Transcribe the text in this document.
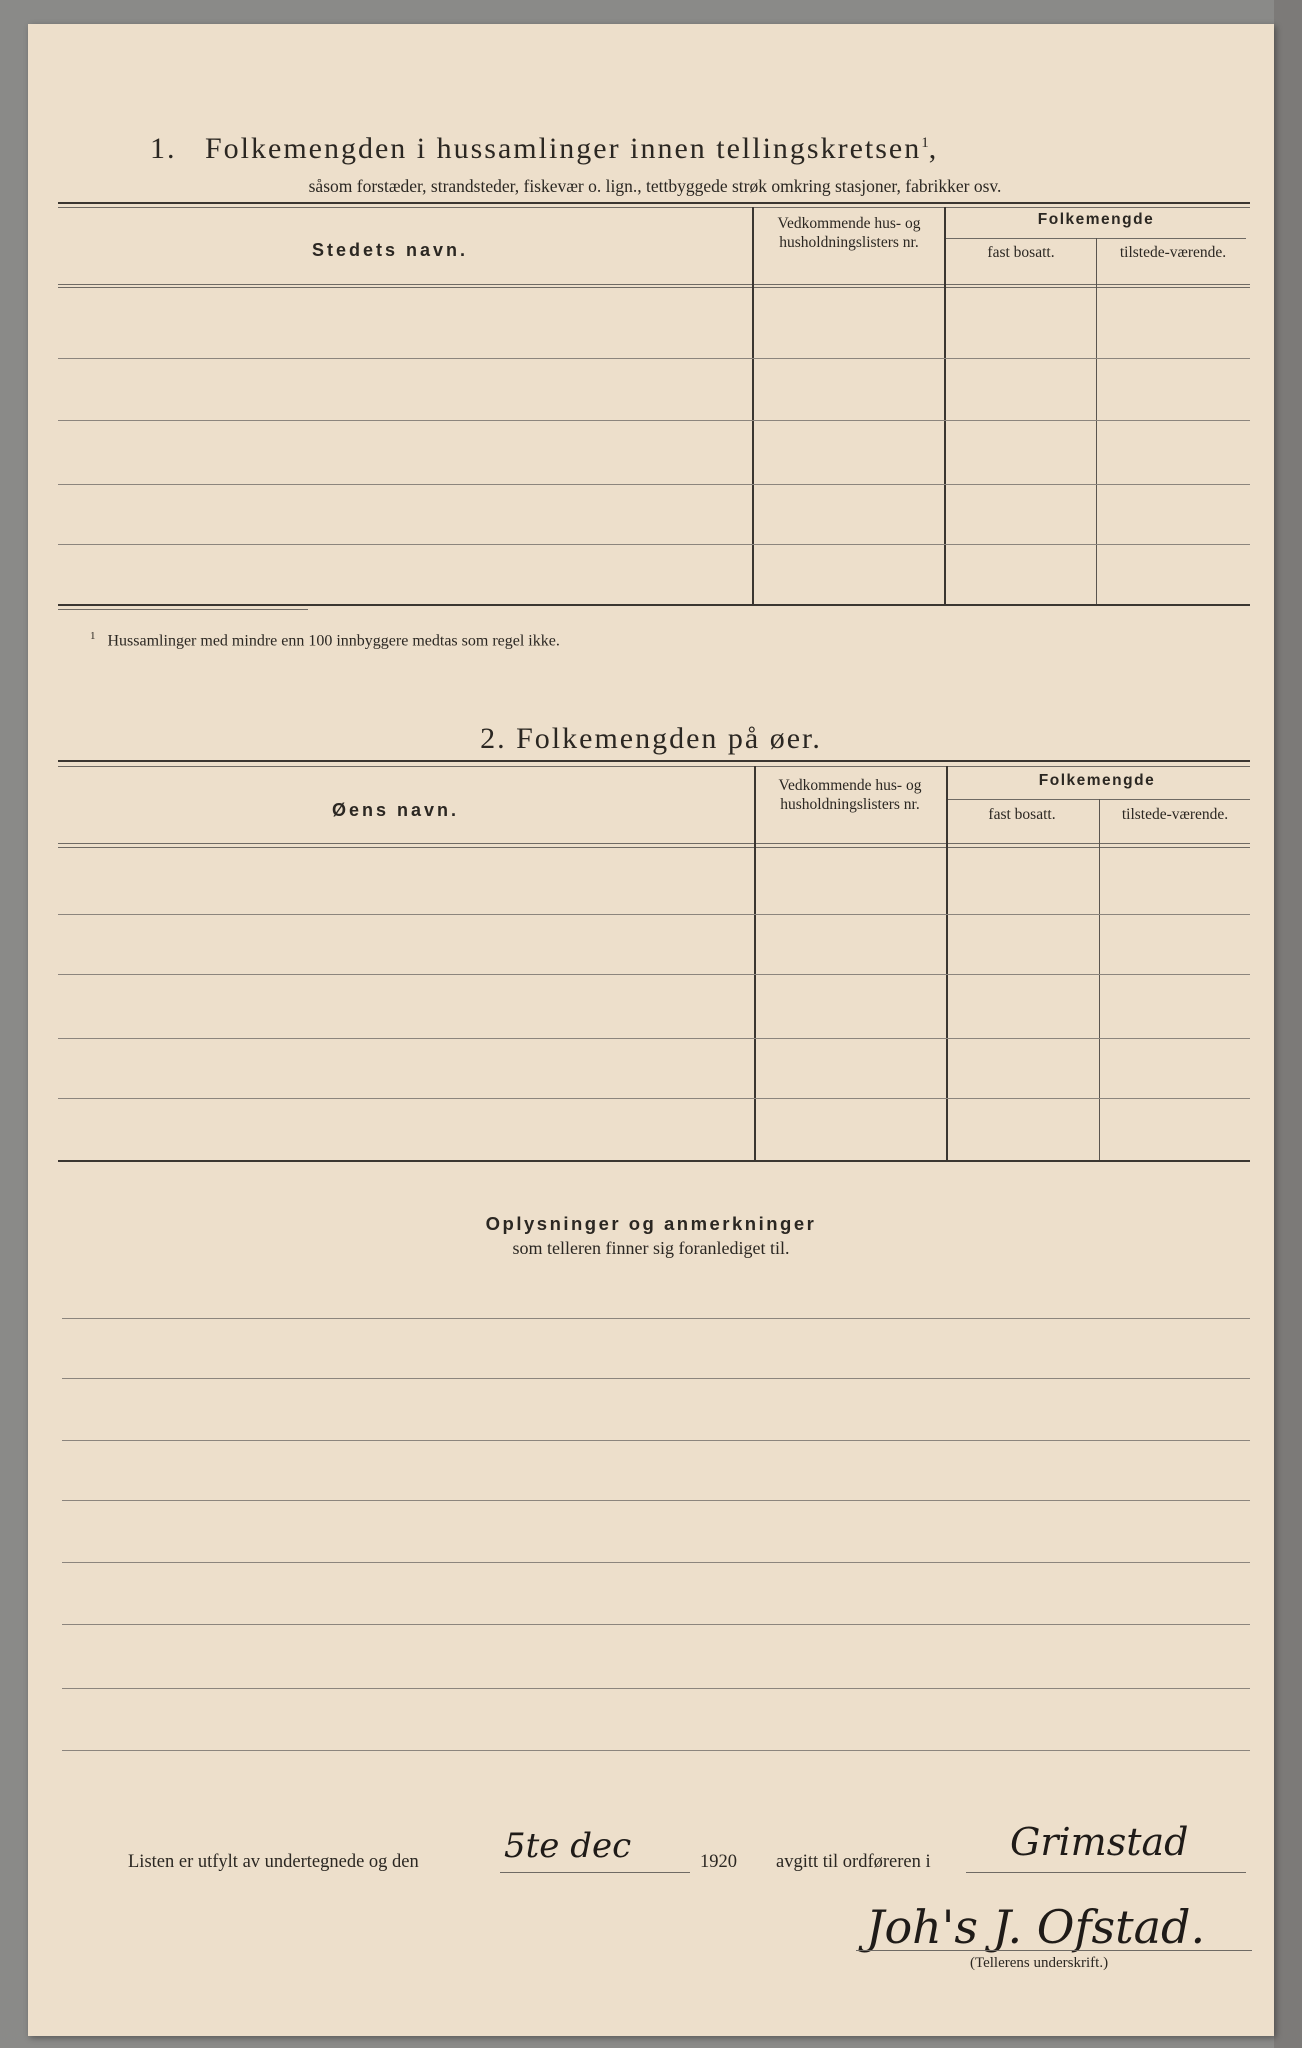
1. Folkemengden i hussamlinger innen tellingskretsen$^1$,
såsom forstæder, strandsteder, fiskevær o. lign., tettbyggede strøk omkring stasjoner, fabrikker osv.
Stedets navn.
Vedkommende hus- og husholdningslisters nr.
Folkemengde
fast bosatt.	tilstede-værende.
$^1$ Hussamlinger med mindre enn 100 innbyggere medtas som regel ikke.
2. Folkemengden på øer.
Øens navn.
Vedkommende hus- og husholdningslisters nr.
Folkemengde
fast bosatt.	tilstede-værende.
Oplysninger og anmerkninger
som telleren finner sig foranlediget til.
Listen er utfylt av undertegnede og den	5te dec	1920 avgitt til ordføreren i Grimstad
Joh's J. Ofstad.
(Tellerens underskrift.)
